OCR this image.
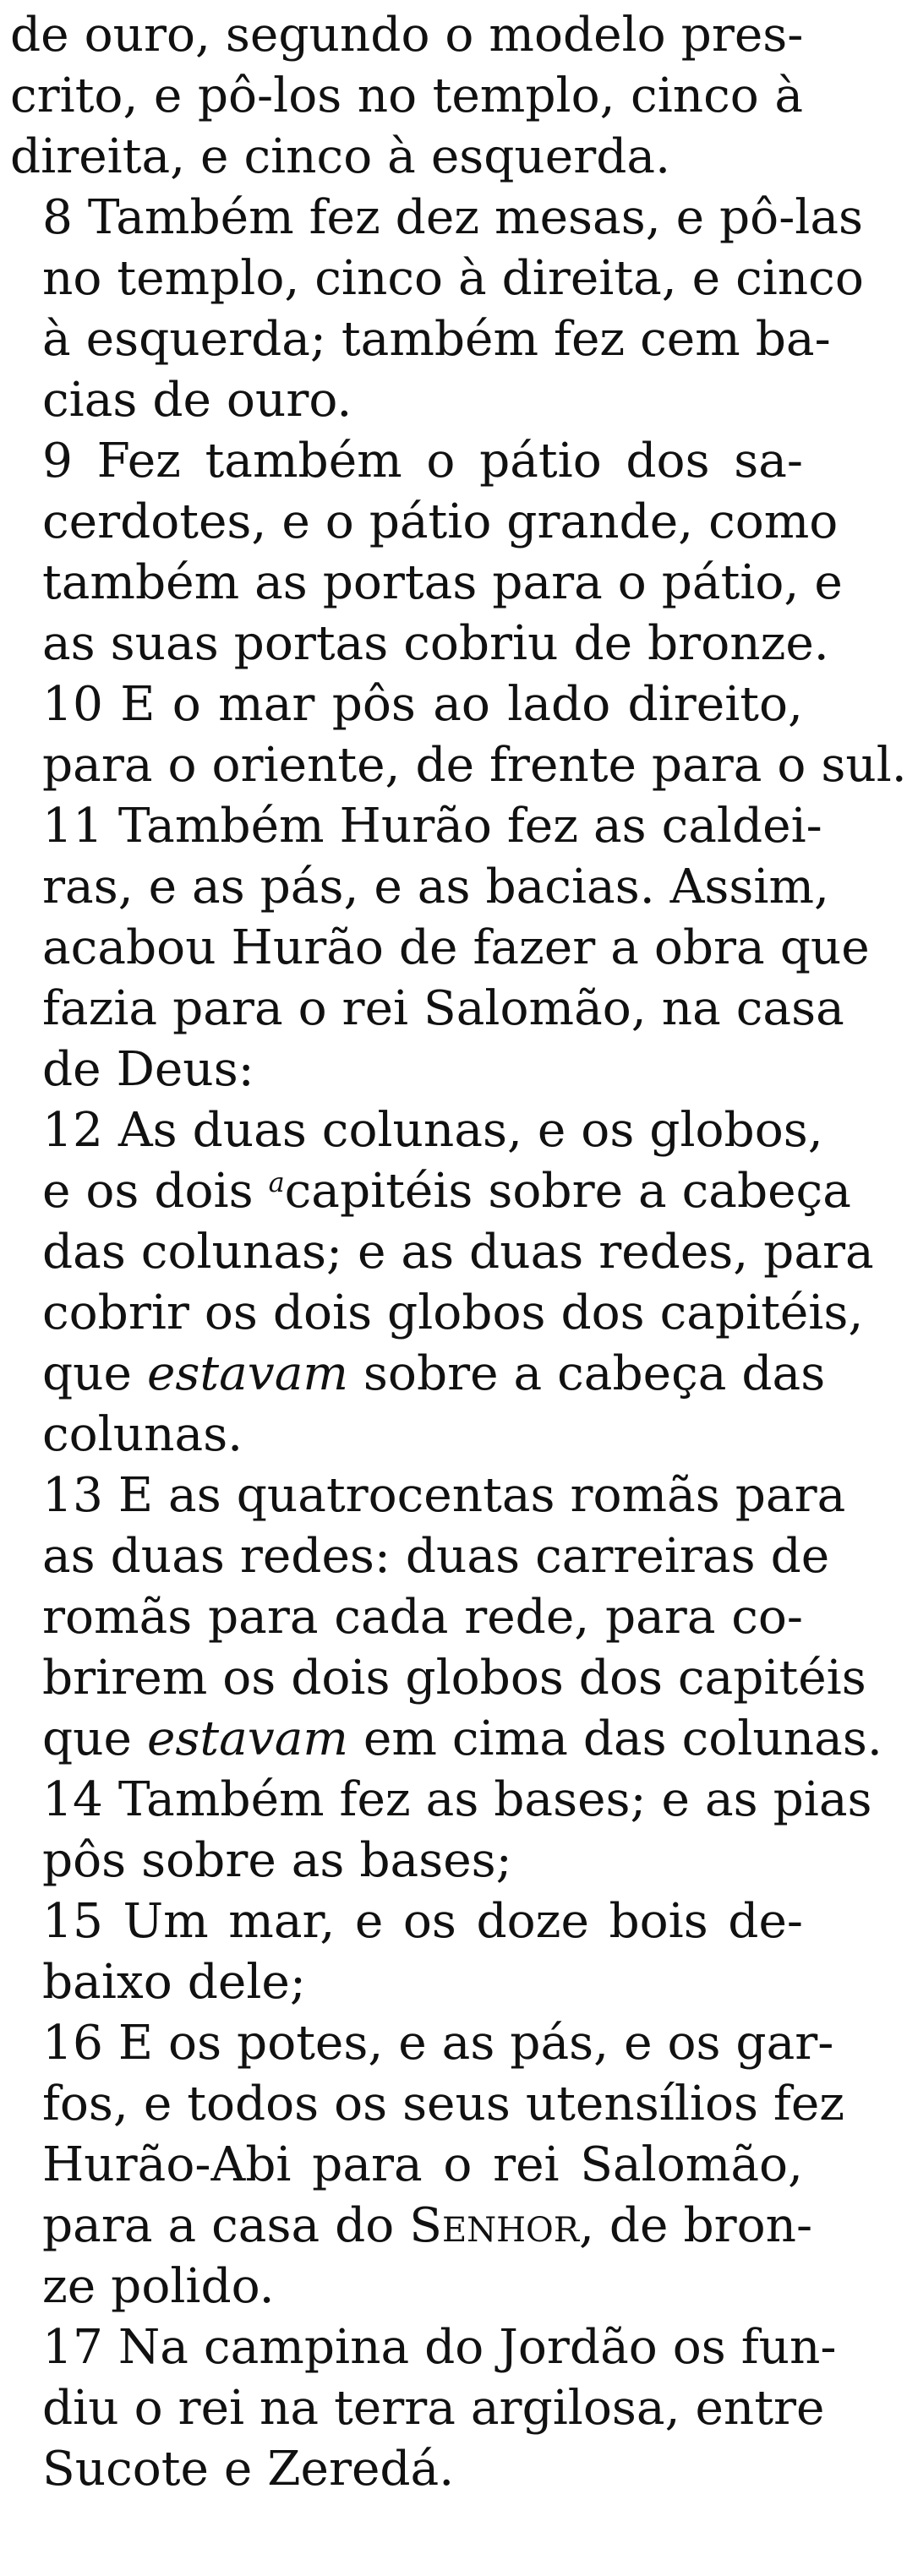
de ouro, segundo o modelo pres-
crito, e pô-los no templo, cinco à
direita, e cinco à esquerda.

8 Também fez dez mesas, e pô-las
no templo, cinco à direita, e cinco
à esquerda; também fez cem ba-
cias de ouro.

9 Fez também o pátio dos sa-
cerdotes, e o pátio grande, como
também as portas para o pátio, e
as suas portas cobriu de bronze.

10 E o mar pôs ao lado direito,
para o oriente, de frente para o sul.

11 Também Hurão fez as caldei-
ras, e as pás, e as bacias. Assim,
acabou Hurão de fazer a obra que
fazia para o rei Salomão, na casa
de Deus:

12 As duas colunas, e os globos,
e os dois $^a$capitéis sobre a cabeça
das colunas; e as duas redes, para
cobrir os dois globos dos capitéis,
que estavam sobre a cabeça das
colunas.

13 E as quatrocentas romãs para
as duas redes: duas carreiras de
romãs para cada rede, para co-
brirem os dois globos dos capitéis
que estavam em cima das colunas.

14 Também fez as bases; e as pias
pôs sobre as bases;

15 Um mar, e os doze bois de-
baixo dele;

16 E os potes, e as pás, e os gar-
fos, e todos os seus utensílios fez
Hurão-Abi para o rei Salomão,
para a casa do Senhor, de bron-
ze polido.

17 Na campina do Jordão os fun-
diu o rei na terra argilosa, entre
Sucote e Zeredá.
